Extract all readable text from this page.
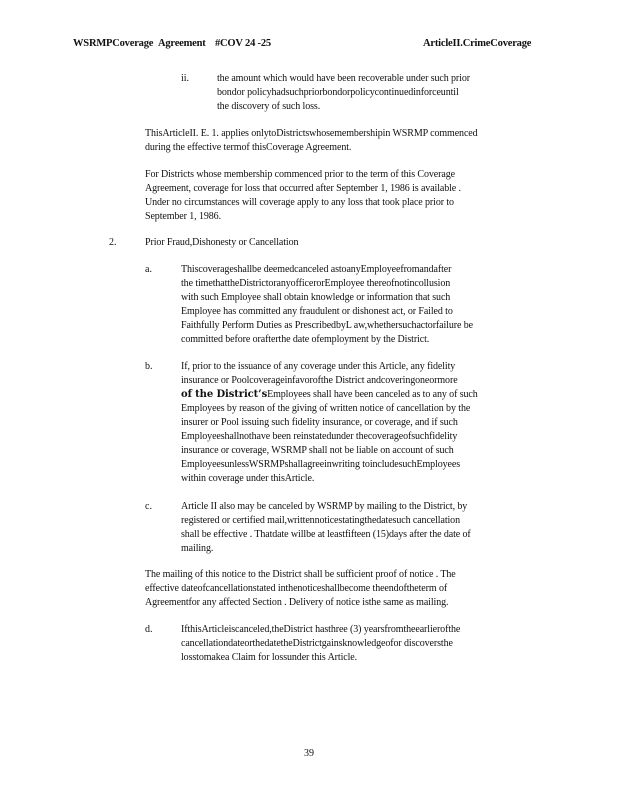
WSRMPCoverage Agreement #COV 24 -25	ArticleII.CrimeCoverage
ii.	the amount which would have been recoverable under such prior
bondor policyhadsuchpriorbondorpolicycontinuedinforceuntil
the discovery of such loss.
ThisArticleII. E. 1. applies onlytoDistrictswhosemembershipin WSRMP commenced
during the effective termof thisCoverage Agreement.
For Districts whose membership commenced prior to the term of this Coverage
Agreement, coverage for loss that occurred after September 1, 1986 is available .
Under no circumstances will coverage apply to any loss that took place prior to
September 1, 1986.
2.	Prior Fraud,Dishonesty or Cancellation
a.	Thiscoverageshallbe deemedcanceled astoanyEmployeefromandafter
the timethattheDistrictoranyofficerorEmployee thereofnotincollusion
with such Employee shall obtain knowledge or information that such
Employee has committed any fraudulent or dishonest act, or Failed to
Faithfully Perform Duties as PrescribedbyL aw,whethersuchactorfailure be
committed before orafterthe date ofemployment by the District.
b.	If, prior to the issuance of any coverage under this Article, any fidelity
insurance or Poolcoverageinfavorofthe District andcoveringoneormore
of the District’sEmployees shall have been canceled as to any of such
Employees by reason of the giving of written notice of cancellation by the
insurer or Pool issuing such fidelity insurance, or coverage, and if such
Employeeshallnothave been reinstatedunder thecoverageofsuchfidelity
insurance or coverage, WSRMP shall not be liable on account of such
EmployeesunlessWSRMPshallagreeinwriting toincludesuchEmployees
within coverage under thisArticle.
c.	Article II also may be canceled by WSRMP by mailing to the District, by
registered or certified mail,writtennoticestatingthedatesuch cancellation
shall be effective . Thatdate willbe at leastfifteen (15)days after the date of
mailing.
The mailing of this notice to the District shall be sufficient proof of notice . The
effective dateofcancellationstated inthenoticeshallbecome theendoftheterm of
Agreementfor any affected Section . Delivery of notice isthe same as mailing.
d.	IfthisArticleiscanceled,theDistrict hasthree (3) yearsfromtheearlierofthe
cancellationdateorthedatetheDistrictgainsknowledgeofor discoversthe
losstomakea Claim for lossunder this Article.
39
